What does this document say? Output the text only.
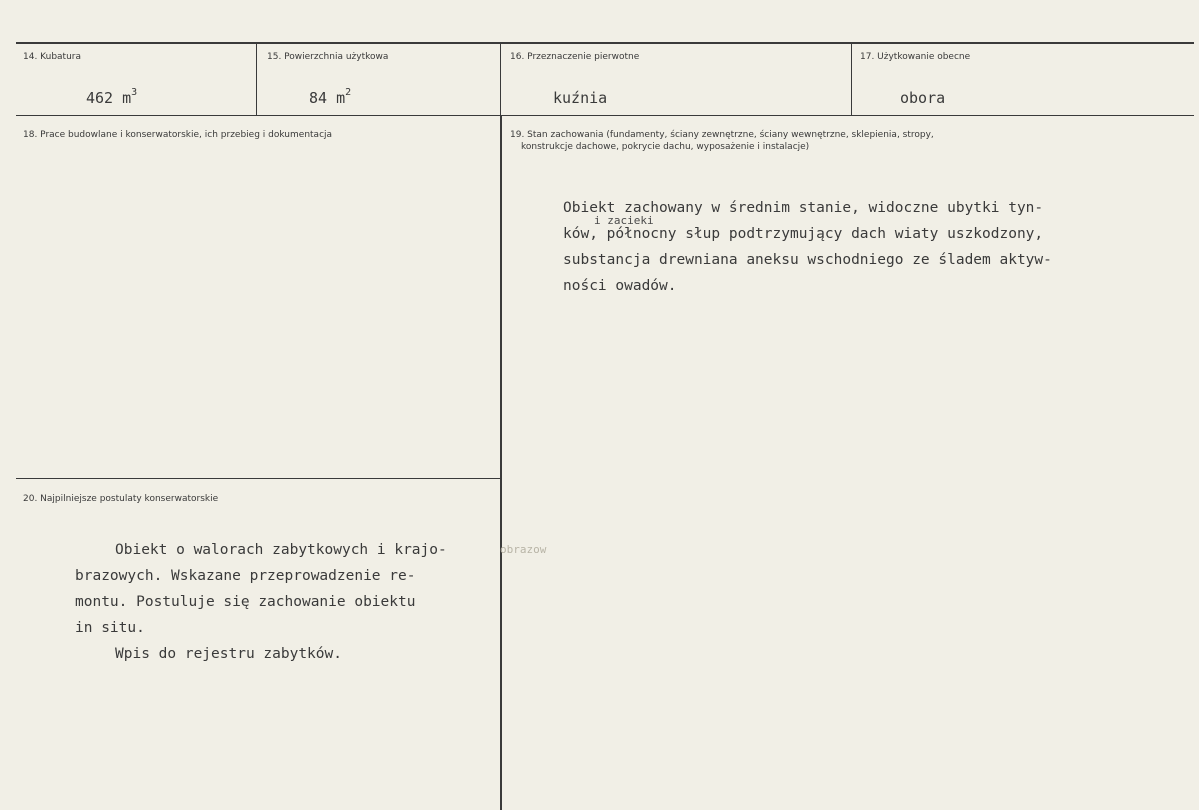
14. Kubatura
462 $m^3$
15. Powierzchnia użytkowa
84 $m^2$
16. Przeznaczenie pierwotne
kuźnia
17. Użytkowanie obecne
obora
18. Prace budowlane i konserwatorskie, ich przebieg i dokumentacja	19. Stan zachowania (fundamenty, ściany zewnętrzne, ściany wewnętrzne, sklepienia, stropy,
konstrukcje dachowe, pokrycie dachu, wyposażenie i instalacje)
i zacieki
Obiekt zachowany w średnim stanie, widoczne ubytki tyn-
ków, północny słup podtrzymujący dach wiaty uszkodzony,
substancja drewniana aneksu wschodniego ze śladem aktyw-
ności owadów.
20. Najpilniejsze postulaty konserwatorskie
obrazow
Obiekt o walorach zabytkowych i krajo-
brazowych. Wskazane przeprowadzenie re-
montu. Postuluje się zachowanie obiektu
in situ.
Wpis do rejestru zabytków.
